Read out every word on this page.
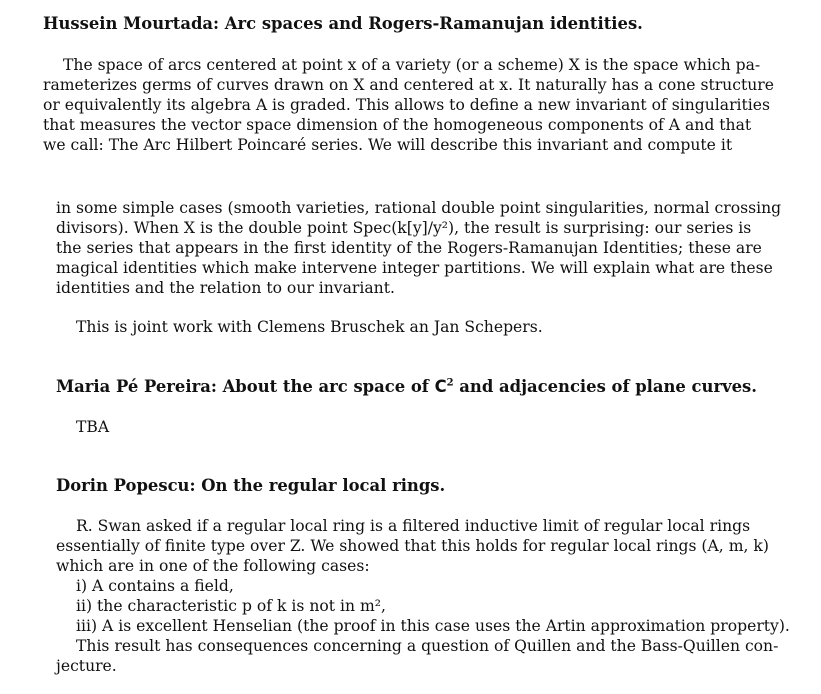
Hussein Mourtada: Arc spaces and Rogers-Ramanujan identities.
The space of arcs centered at point x of a variety (or a scheme) X is the space which pa-
rameterizes germs of curves drawn on X and centered at x. It naturally has a cone structure
or equivalently its algebra A is graded. This allows to define a new invariant of singularities
that measures the vector space dimension of the homogeneous components of A and that
we call: The Arc Hilbert Poincaré series. We will describe this invariant and compute it
in some simple cases (smooth varieties, rational double point singularities, normal crossing
divisors). When X is the double point Spec(k[y]/y²), the result is surprising: our series is
the series that appears in the first identity of the Rogers-Ramanujan Identities; these are
magical identities which make intervene integer partitions. We will explain what are these
identities and the relation to our invariant.
This is joint work with Clemens Bruschek an Jan Schepers.
Maria Pé Pereira: About the arc space of $C^2$ and adjacencies of plane curves.
TBA
Dorin Popescu: On the regular local rings.
R. Swan asked if a regular local ring is a filtered inductive limit of regular local rings
essentially of finite type over Z. We showed that this holds for regular local rings (A, m, k)
which are in one of the following cases:
i) A contains a field,
ii) the characteristic p of k is not in m²,
iii) A is excellent Henselian (the proof in this case uses the Artin approximation property).
This result has consequences concerning a question of Quillen and the Bass-Quillen con-
jecture.
